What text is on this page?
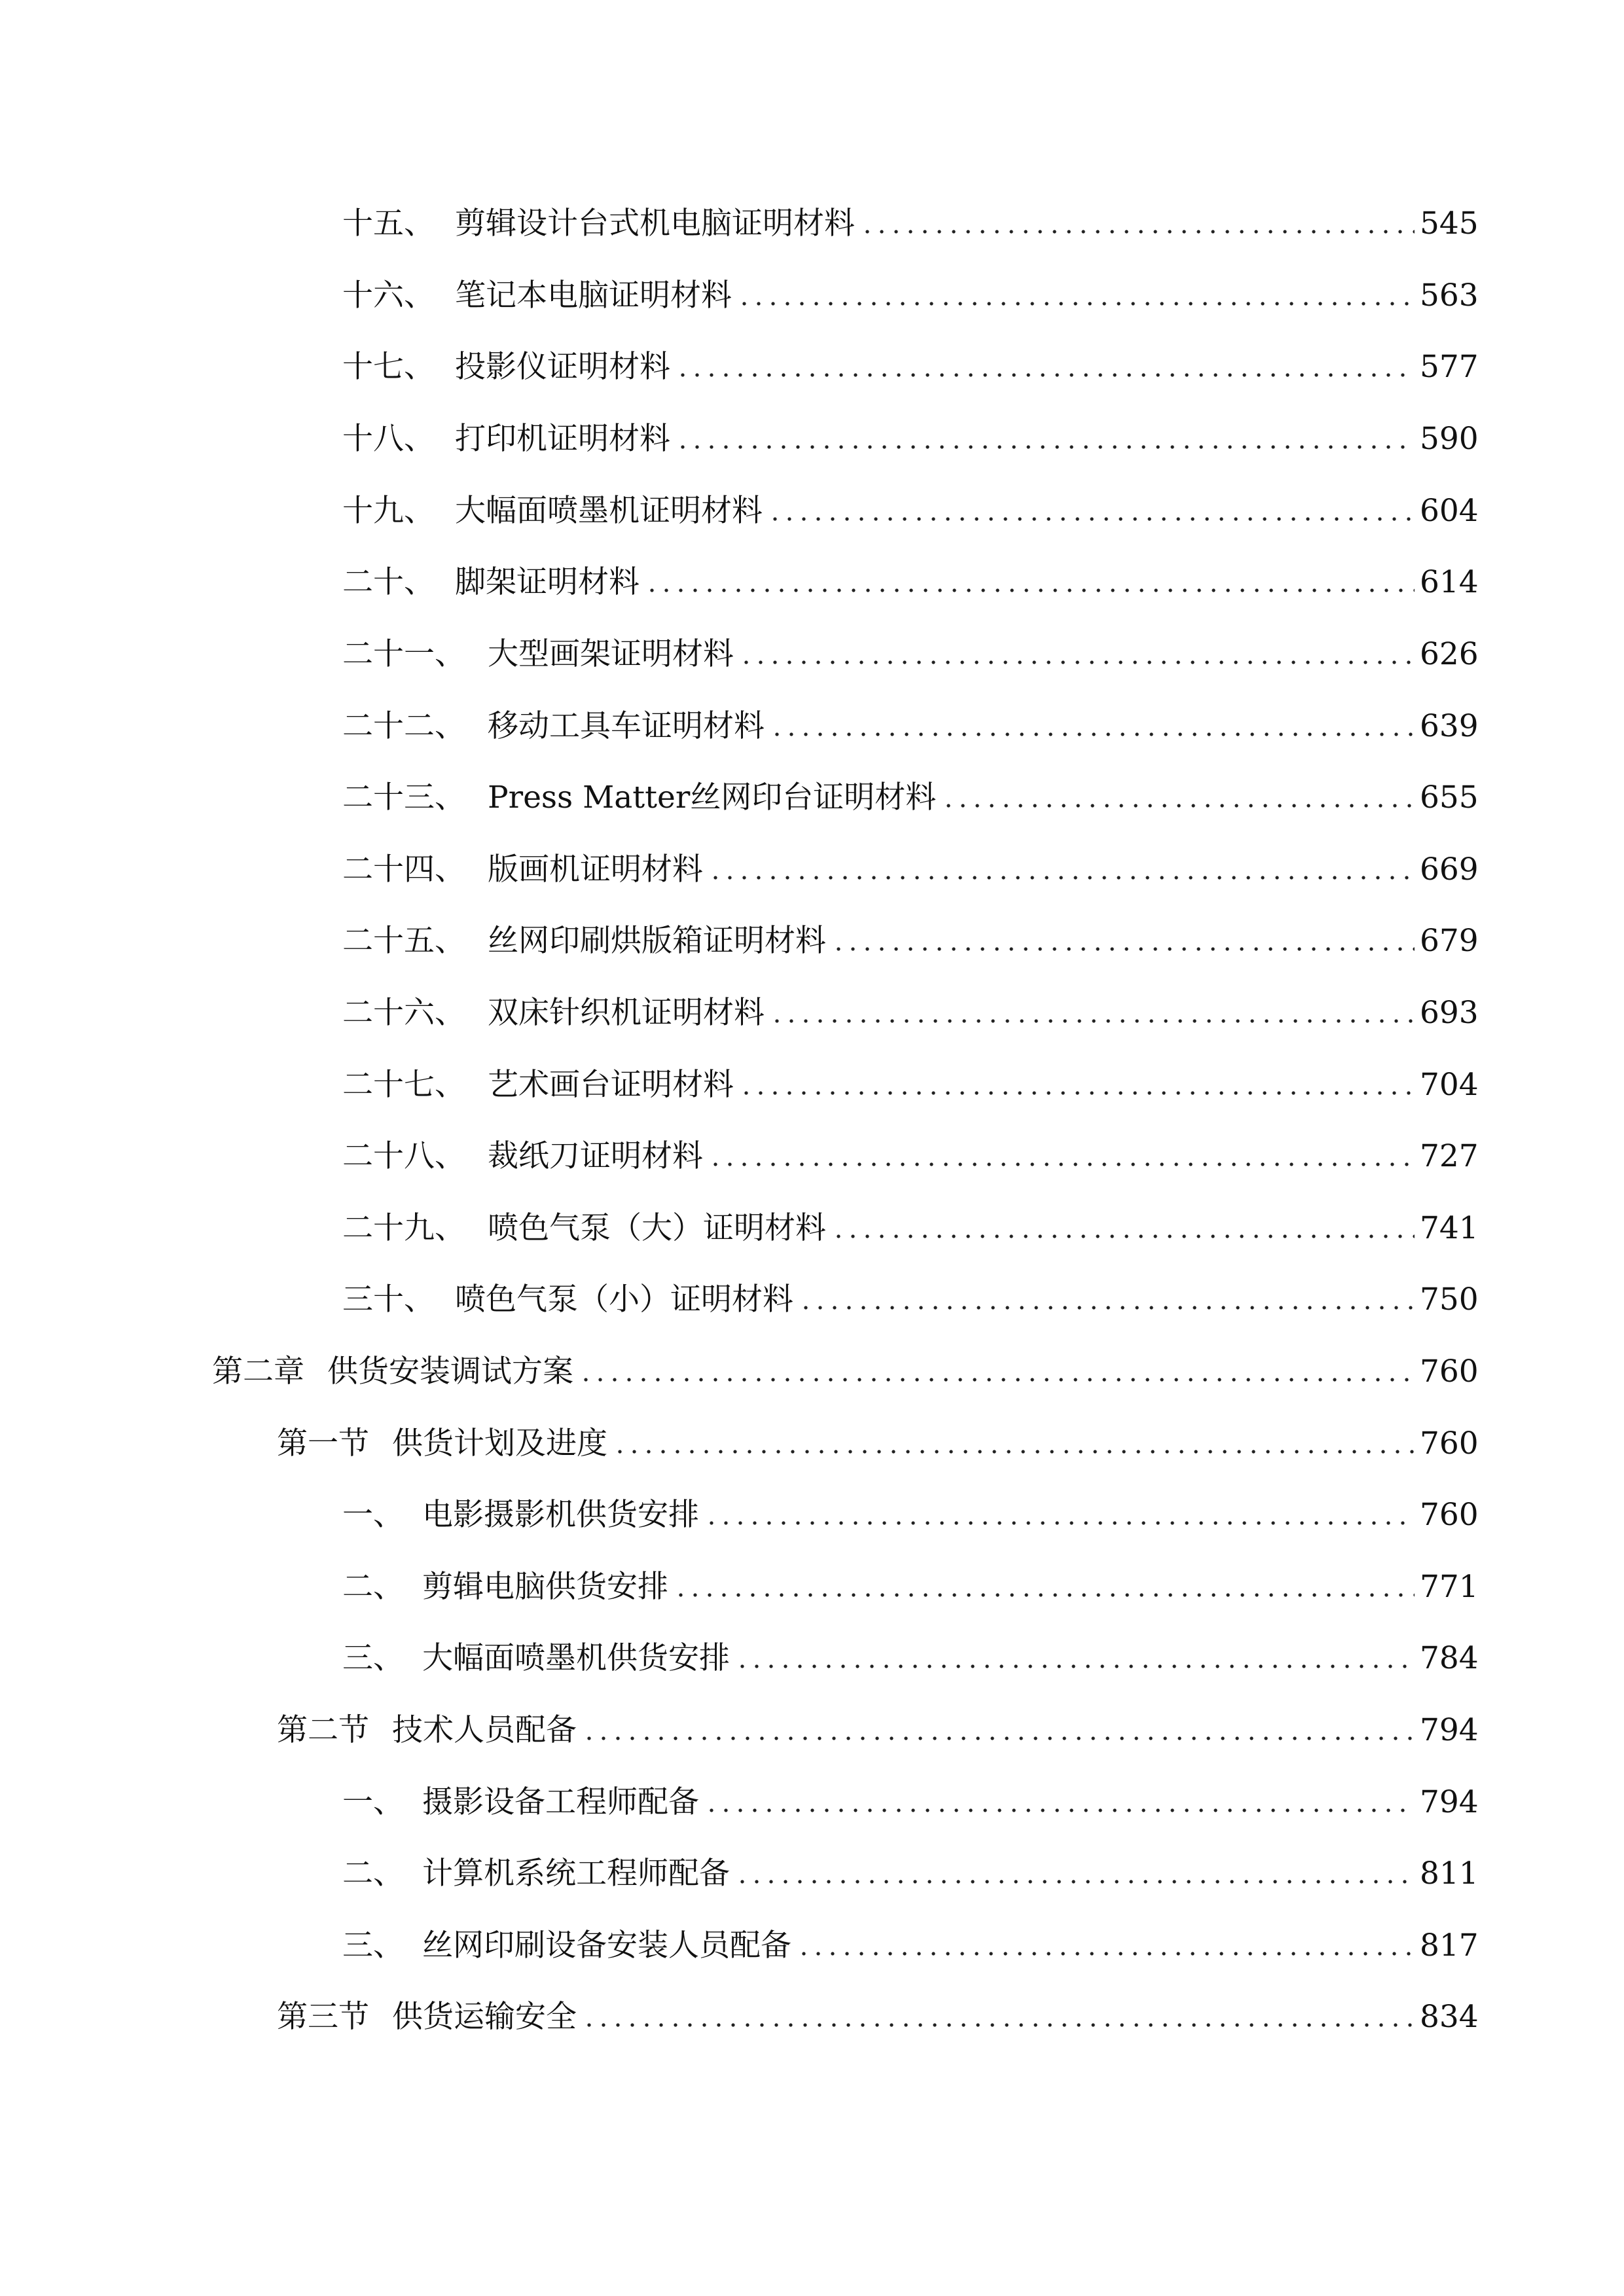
十五、 剪辑设计台式机电脑证明材料	545
十六、 笔记本电脑证明材料	563
十七、 投影仪证明材料	577
十八、 打印机证明材料	590
十九、 大幅面喷墨机证明材料	604
二十、 脚架证明材料	614
二十一、 大型画架证明材料	626
二十二、 移动工具车证明材料	639
二十三、 Press Matter丝网印台证明材料	655
二十四、 版画机证明材料	669
二十五、 丝网印刷烘版箱证明材料	679
二十六、 双床针织机证明材料	693
二十七、 艺术画台证明材料	704
二十八、 裁纸刀证明材料	727
二十九、 喷色气泵（大）证明材料	741
三十、 喷色气泵（小）证明材料	750
第二章 供货安装调试方案	760
第一节 供货计划及进度	760
一、 电影摄影机供货安排	760
二、 剪辑电脑供货安排	771
三、 大幅面喷墨机供货安排	784
第二节 技术人员配备	794
一、 摄影设备工程师配备	794
二、 计算机系统工程师配备	811
三、 丝网印刷设备安装人员配备	817
第三节 供货运输安全	834
